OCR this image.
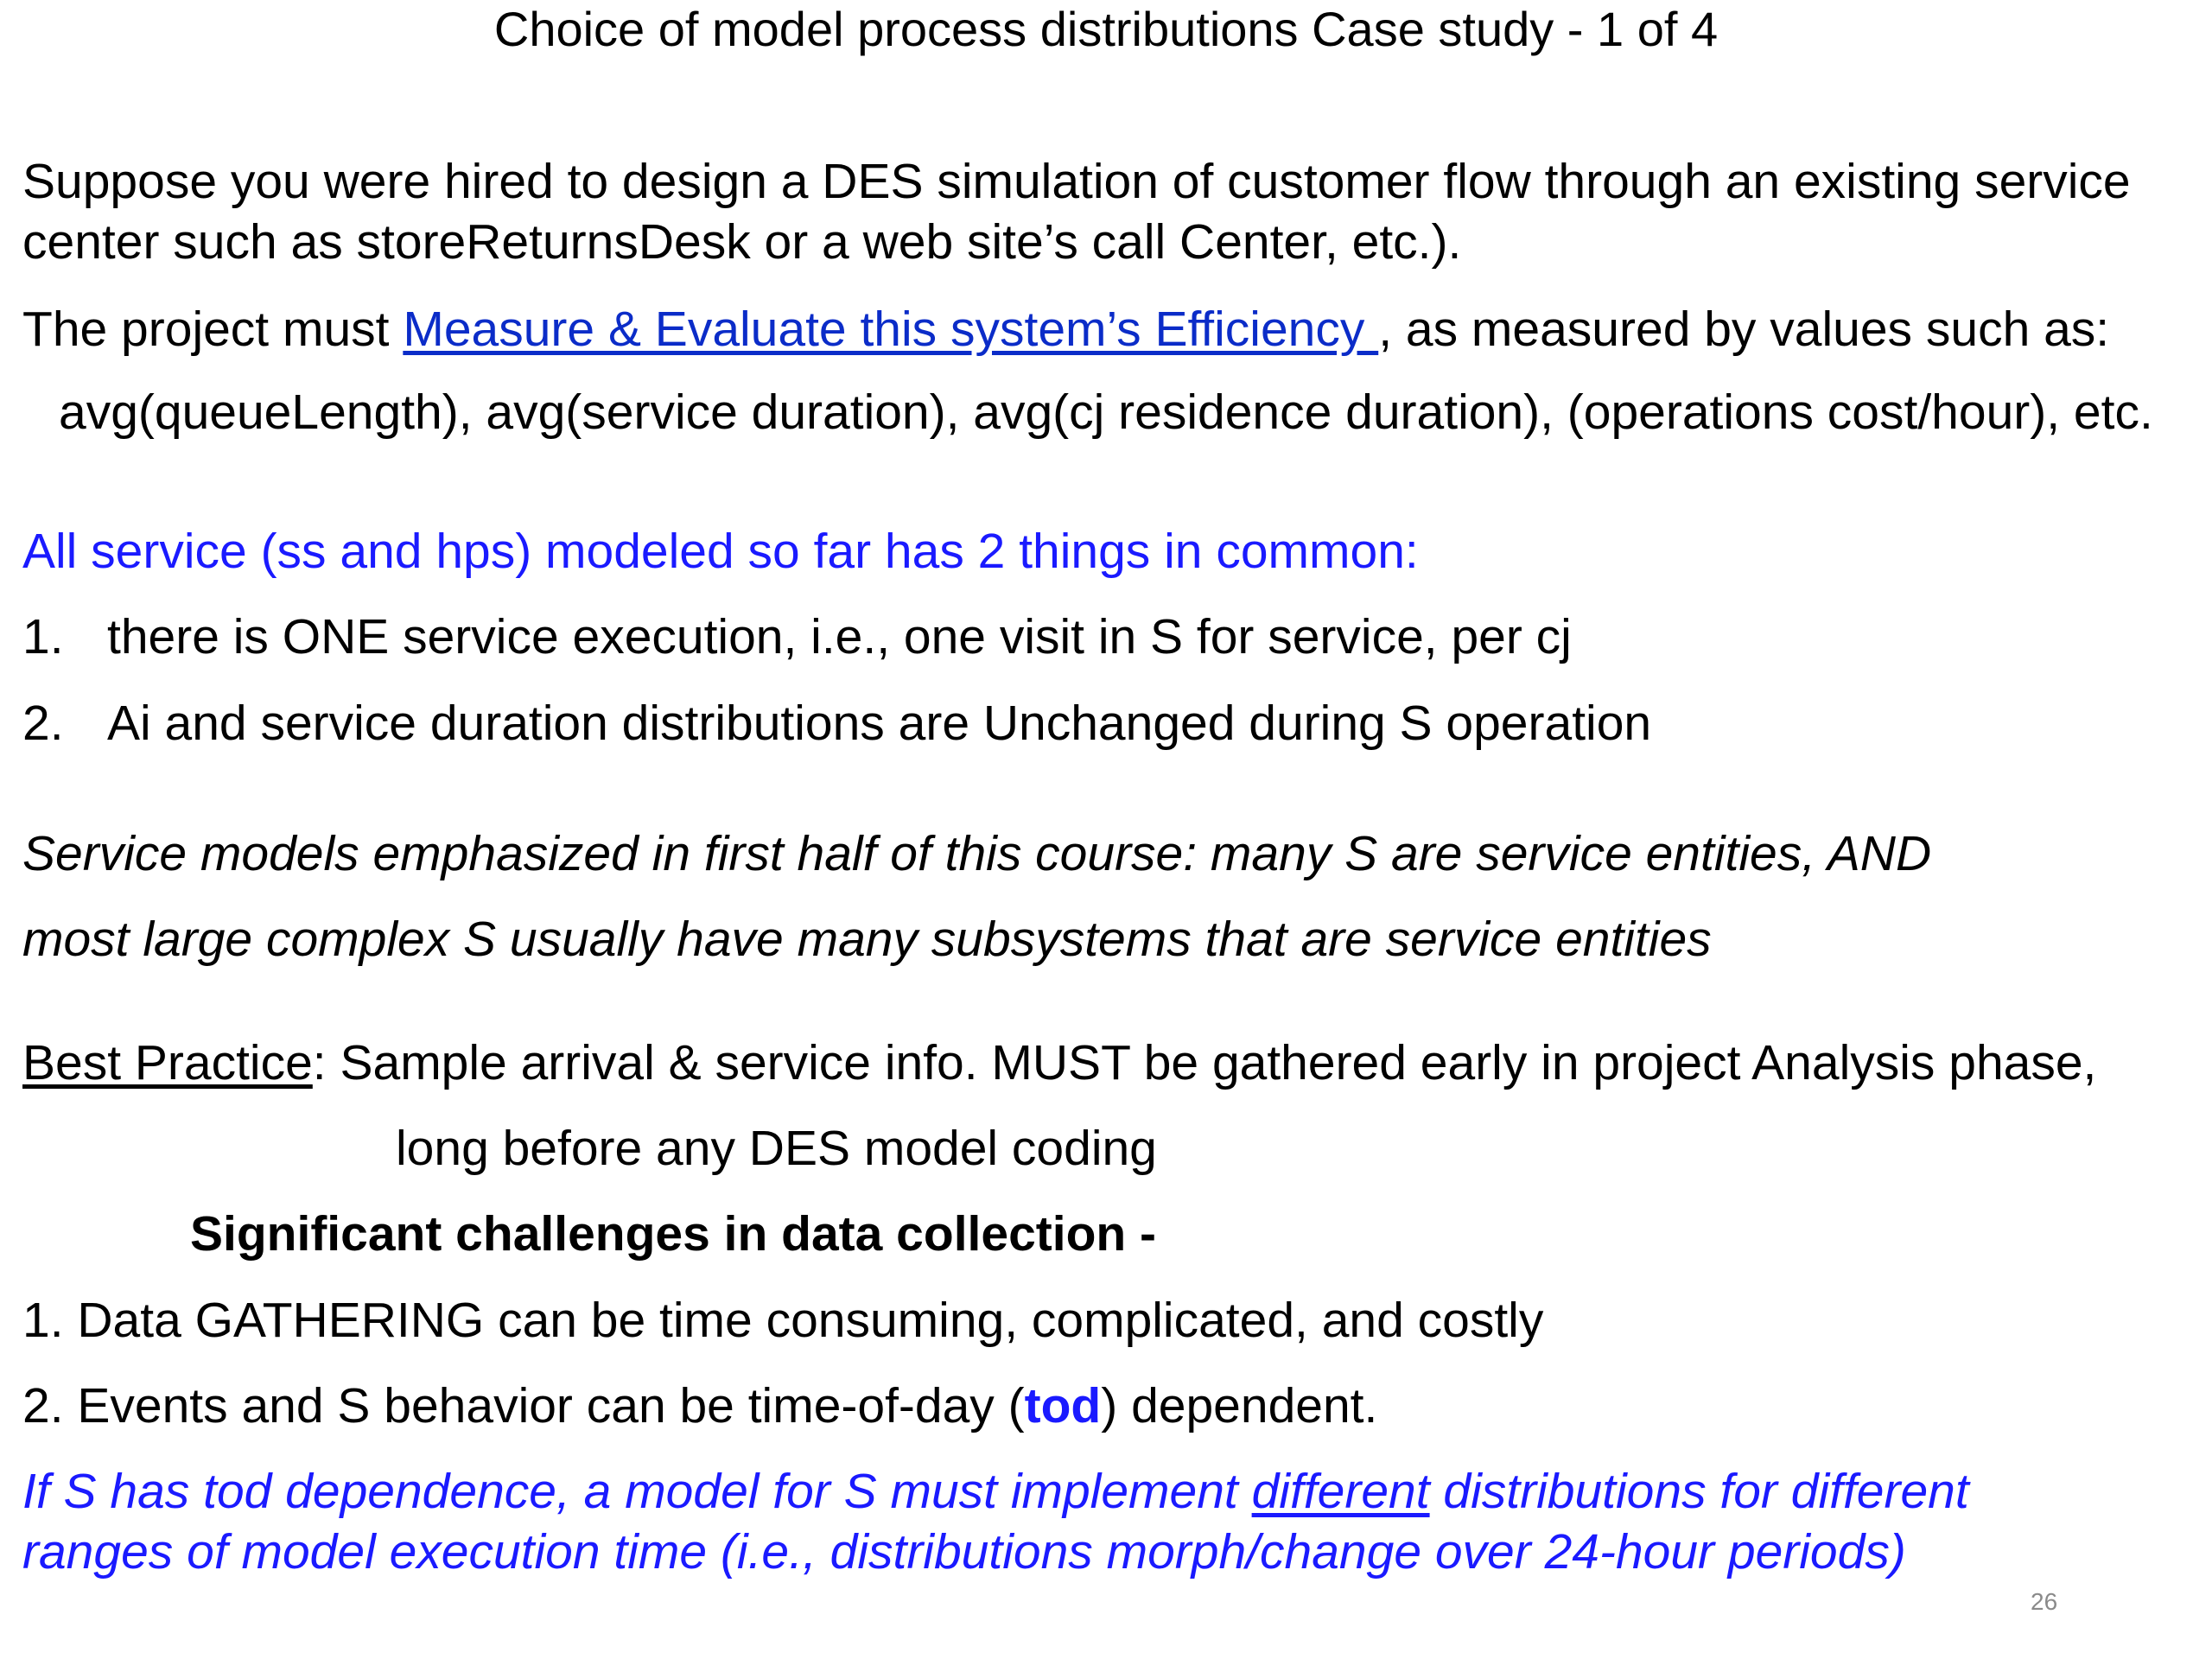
Choice of model process distributions Case study - 1 of 4
Suppose you were hired to design a DES simulation of customer flow through an existing service
center such as storeReturnsDesk or a web site’s call Center, etc.).
The project must Measure & Evaluate this system’s Efficiency , as measured by values such as:
avg(queueLength), avg(service duration), avg(cj residence duration), (operations cost/hour), etc.
All service (ss and hps) modeled so far has 2 things in common:
1. there is ONE service execution, i.e., one visit in S for service, per cj
2. Ai and service duration distributions are Unchanged during S operation
Service models emphasized in first half of this course: many S are service entities, AND
most large complex S usually have many subsystems that are service entities
Best Practice: Sample arrival & service info. MUST be gathered early in project Analysis phase,
long before any DES model coding
Significant challenges in data collection -
1. Data GATHERING can be time consuming, complicated, and costly
2. Events and S behavior can be time-of-day (tod) dependent.
If S has tod dependence, a model for S must implement different distributions for different
ranges of model execution time (i.e., distributions morph/change over 24-hour periods)
26
